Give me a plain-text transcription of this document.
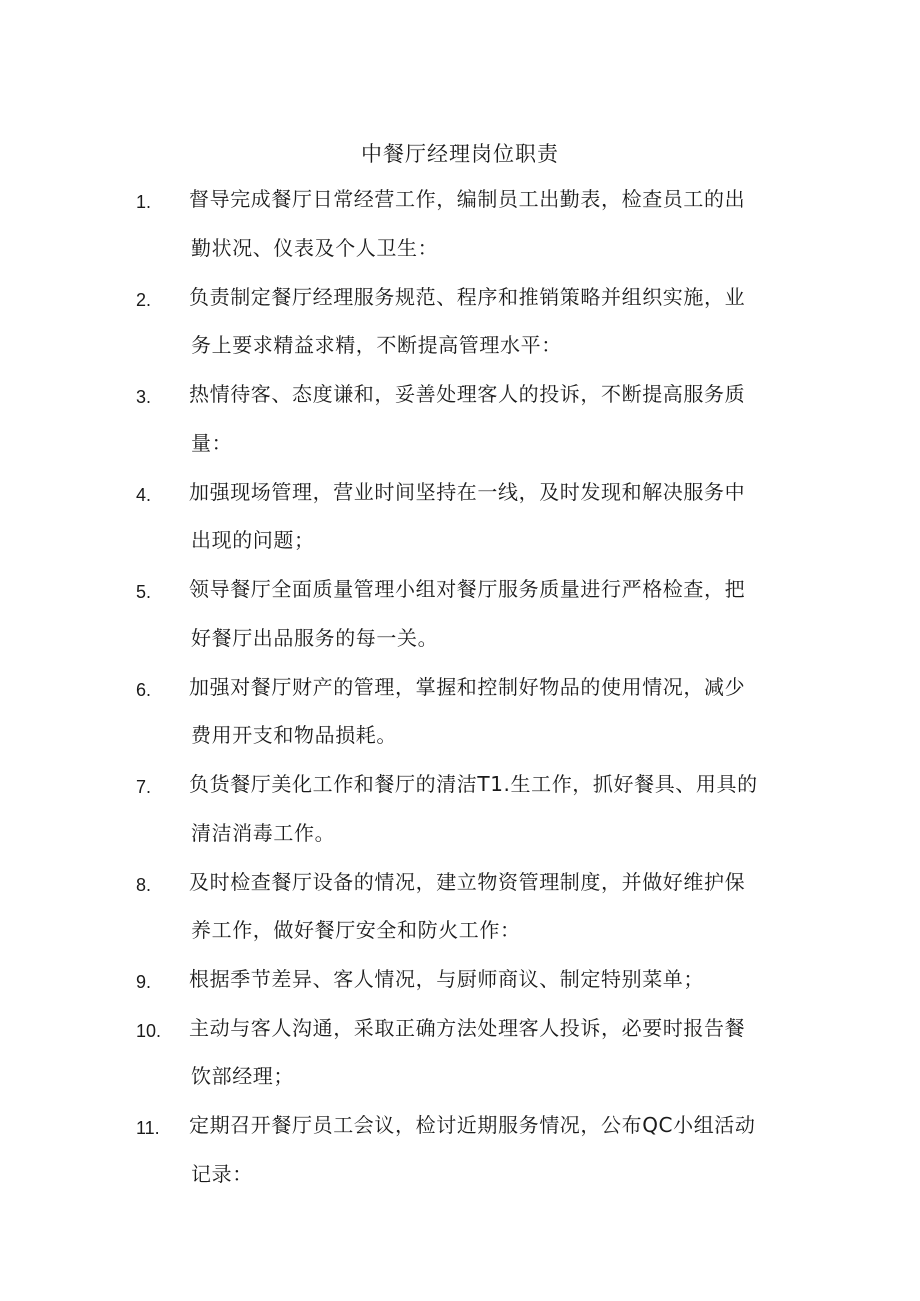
中餐厅经理岗位职责
1. 督导完成餐厅日常经营工作，编制员工出勤表，检查员工的出
勤状况、仪表及个人卫生：
2. 负责制定餐厅经理服务规范、程序和推销策略并组织实施，业
务上要求精益求精，不断提高管理水平：
3. 热情待客、态度谦和，妥善处理客人的投诉，不断提高服务质
量：
4. 加强现场管理，营业时间坚持在一线，及时发现和解决服务中
出现的问题；
5. 领导餐厅全面质量管理小组对餐厅服务质量进行严格检查，把
好餐厅出品服务的每一关。
6. 加强对餐厅财产的管理，掌握和控制好物品的使用情况，减少
费用开支和物品损耗。
7. 负货餐厅美化工作和餐厅的清洁T1.生工作，抓好餐具、用具的
清洁消毒工作。
8. 及时检查餐厅设备的情况，建立物资管理制度，并做好维护保
养工作，做好餐厅安全和防火工作：
9. 根据季节差异、客人情况，与厨师商议、制定特别菜单；
10. 主动与客人沟通，采取正确方法处理客人投诉，必要时报告餐
饮部经理；
11. 定期召开餐厅员工会议，检讨近期服务情况，公布QC小组活动
记录：
